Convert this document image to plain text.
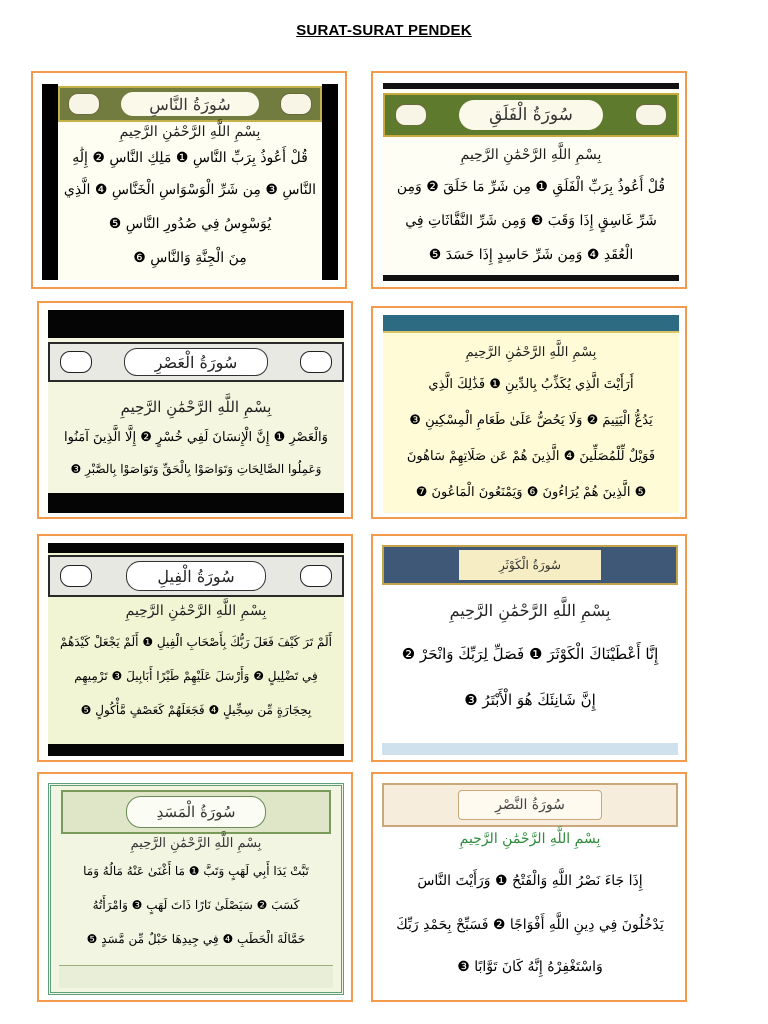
SURAT-SURAT PENDEK
سُورَةُ النَّاسِ
بِسْمِ اللَّهِ الرَّحْمَٰنِ الرَّحِيمِ
قُلْ أَعُوذُ بِرَبِّ النَّاسِ ❶ مَلِكِ النَّاسِ ❷ إِلَٰهِ
النَّاسِ ❸ مِن شَرِّ الْوَسْوَاسِ الْخَنَّاسِ ❹ الَّذِي
يُوَسْوِسُ فِي صُدُورِ النَّاسِ ❺
مِنَ الْجِنَّةِ وَالنَّاسِ ❻
سُورَةُ الْفَلَقِ
بِسْمِ اللَّهِ الرَّحْمَٰنِ الرَّحِيمِ
قُلْ أَعُوذُ بِرَبِّ الْفَلَقِ ❶ مِن شَرِّ مَا خَلَقَ ❷ وَمِن
شَرِّ غَاسِقٍ إِذَا وَقَبَ ❸ وَمِن شَرِّ النَّفَّاثَاتِ فِي
الْعُقَدِ ❹ وَمِن شَرِّ حَاسِدٍ إِذَا حَسَدَ ❺
سُورَةُ الْعَصْرِ
بِسْمِ اللَّهِ الرَّحْمَٰنِ الرَّحِيمِ
وَالْعَصْرِ ❶ إِنَّ الْإِنسَانَ لَفِي خُسْرٍ ❷ إِلَّا الَّذِينَ آمَنُوا
وَعَمِلُوا الصَّالِحَاتِ وَتَوَاصَوْا بِالْحَقِّ وَتَوَاصَوْا بِالصَّبْرِ ❸
بِسْمِ اللَّهِ الرَّحْمَٰنِ الرَّحِيمِ
أَرَأَيْتَ الَّذِي يُكَذِّبُ بِالدِّينِ ❶ فَذَٰلِكَ الَّذِي
يَدُعُّ الْيَتِيمَ ❷ وَلَا يَحُضُّ عَلَىٰ طَعَامِ الْمِسْكِينِ ❸
فَوَيْلٌ لِّلْمُصَلِّينَ ❹ الَّذِينَ هُمْ عَن صَلَاتِهِمْ سَاهُونَ
❺ الَّذِينَ هُمْ يُرَاءُونَ ❻ وَيَمْنَعُونَ الْمَاعُونَ ❼
سُورَةُ الْفِيلِ
بِسْمِ اللَّهِ الرَّحْمَٰنِ الرَّحِيمِ
أَلَمْ تَرَ كَيْفَ فَعَلَ رَبُّكَ بِأَصْحَابِ الْفِيلِ ❶ أَلَمْ يَجْعَلْ كَيْدَهُمْ
فِي تَضْلِيلٍ ❷ وَأَرْسَلَ عَلَيْهِمْ طَيْرًا أَبَابِيلَ ❸ تَرْمِيهِم
بِحِجَارَةٍ مِّن سِجِّيلٍ ❹ فَجَعَلَهُمْ كَعَصْفٍ مَّأْكُولٍ ❺
سُورَةُ الْكَوْثَرِ
بِسْمِ اللَّهِ الرَّحْمَٰنِ الرَّحِيمِ
إِنَّا أَعْطَيْنَاكَ الْكَوْثَرَ ❶ فَصَلِّ لِرَبِّكَ وَانْحَرْ ❷
إِنَّ شَانِئَكَ هُوَ الْأَبْتَرُ ❸
سُورَةُ الْمَسَدِ
بِسْمِ اللَّهِ الرَّحْمَٰنِ الرَّحِيمِ
تَبَّتْ يَدَا أَبِي لَهَبٍ وَتَبَّ ❶ مَا أَغْنَىٰ عَنْهُ مَالُهُ وَمَا
كَسَبَ ❷ سَيَصْلَىٰ نَارًا ذَاتَ لَهَبٍ ❸ وَامْرَأَتُهُ
حَمَّالَةَ الْحَطَبِ ❹ فِي جِيدِهَا حَبْلٌ مِّن مَّسَدٍ ❺
سُورَةُ النَّصْرِ
بِسْمِ اللَّهِ الرَّحْمَٰنِ الرَّحِيمِ
إِذَا جَاءَ نَصْرُ اللَّهِ وَالْفَتْحُ ❶ وَرَأَيْتَ النَّاسَ
يَدْخُلُونَ فِي دِينِ اللَّهِ أَفْوَاجًا ❷ فَسَبِّحْ بِحَمْدِ رَبِّكَ
وَاسْتَغْفِرْهُ إِنَّهُ كَانَ تَوَّابًا ❸
